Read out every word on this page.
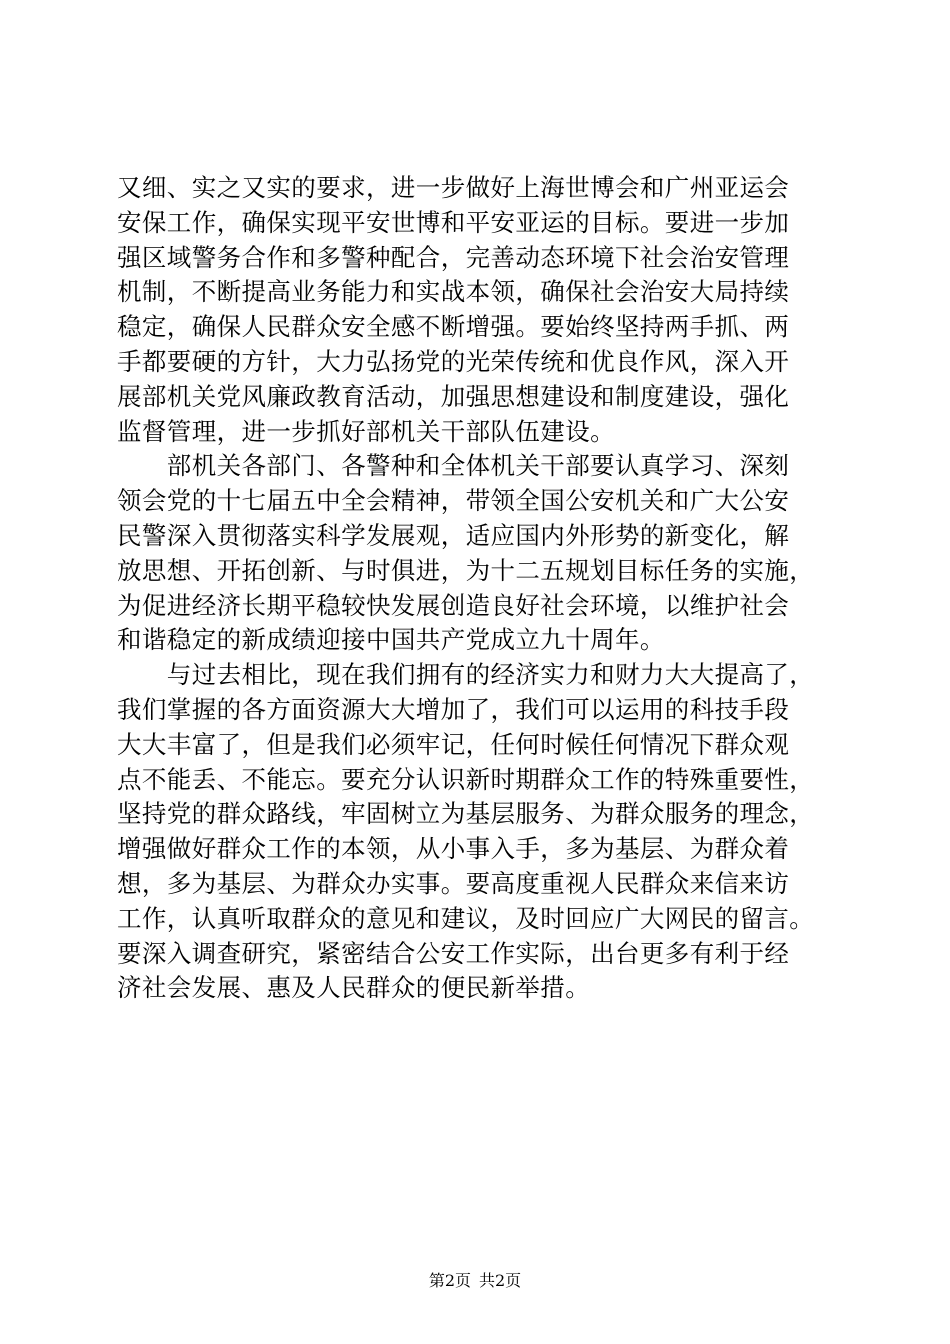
又细、实之又实的要求，进一步做好上海世博会和广州亚运会
安保工作，确保实现平安世博和平安亚运的目标。要进一步加
强区域警务合作和多警种配合，完善动态环境下社会治安管理
机制，不断提高业务能力和实战本领，确保社会治安大局持续
稳定，确保人民群众安全感不断增强。要始终坚持两手抓、两
手都要硬的方针，大力弘扬党的光荣传统和优良作风，深入开
展部机关党风廉政教育活动，加强思想建设和制度建设，强化
监督管理，进一步抓好部机关干部队伍建设。

　　部机关各部门、各警种和全体机关干部要认真学习、深刻
领会党的十七届五中全会精神，带领全国公安机关和广大公安
民警深入贯彻落实科学发展观，适应国内外形势的新变化，解
放思想、开拓创新、与时俱进，为十二五规划目标任务的实施，
为促进经济长期平稳较快发展创造良好社会环境，以维护社会
和谐稳定的新成绩迎接中国共产党成立九十周年。

　　与过去相比，现在我们拥有的经济实力和财力大大提高了，
我们掌握的各方面资源大大增加了，我们可以运用的科技手段
大大丰富了，但是我们必须牢记，任何时候任何情况下群众观
点不能丢、不能忘。要充分认识新时期群众工作的特殊重要性，
坚持党的群众路线，牢固树立为基层服务、为群众服务的理念，
增强做好群众工作的本领，从小事入手，多为基层、为群众着
想，多为基层、为群众办实事。要高度重视人民群众来信来访
工作，认真听取群众的意见和建议，及时回应广大网民的留言。
要深入调查研究，紧密结合公安工作实际，出台更多有利于经
济社会发展、惠及人民群众的便民新举措。

第2页 共2页
